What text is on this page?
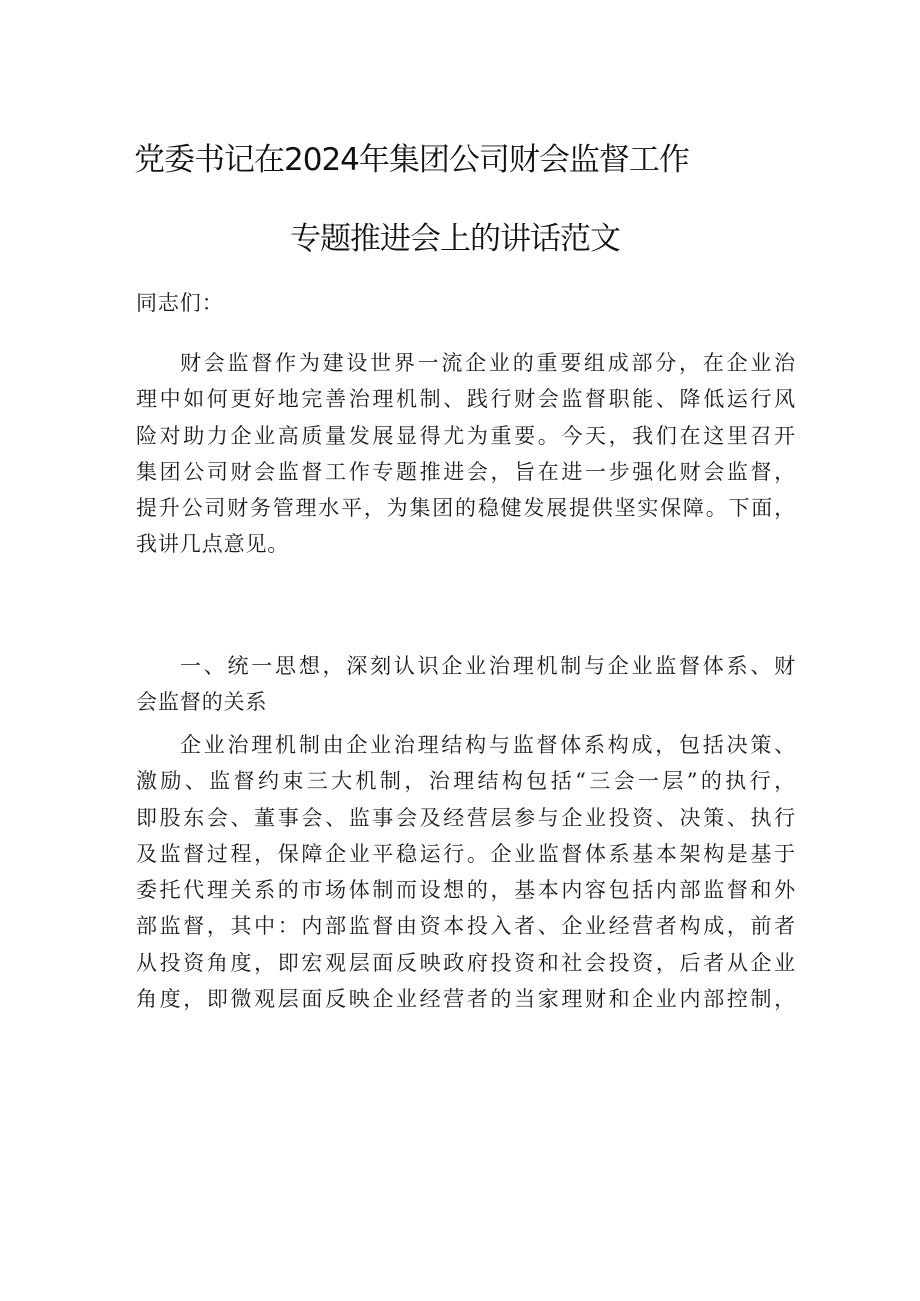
党委书记在2024年集团公司财会监督工作
专题推进会上的讲话范文

同志们：

财会监督作为建设世界一流企业的重要组成部分，在企业治
理中如何更好地完善治理机制、践行财会监督职能、降低运行风
险对助力企业高质量发展显得尤为重要。今天，我们在这里召开
集团公司财会监督工作专题推进会，旨在进一步强化财会监督，
提升公司财务管理水平，为集团的稳健发展提供坚实保障。下面，
我讲几点意见。

一、统一思想，深刻认识企业治理机制与企业监督体系、财
会监督的关系

企业治理机制由企业治理结构与监督体系构成，包括决策、
激励、监督约束三大机制，治理结构包括“三会一层”的执行，
即股东会、董事会、监事会及经营层参与企业投资、决策、执行
及监督过程，保障企业平稳运行。企业监督体系基本架构是基于
委托代理关系的市场体制而设想的，基本内容包括内部监督和外
部监督，其中：内部监督由资本投入者、企业经营者构成，前者
从投资角度，即宏观层面反映政府投资和社会投资，后者从企业
角度，即微观层面反映企业经营者的当家理财和企业内部控制，
